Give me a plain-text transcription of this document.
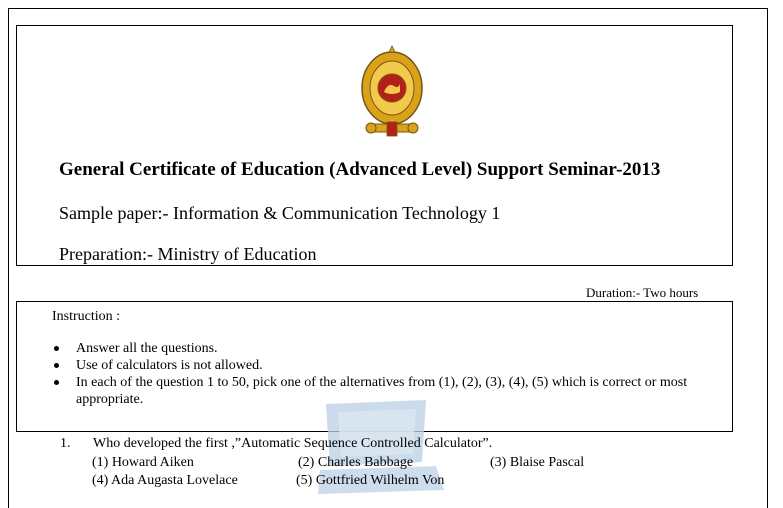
General Certificate of Education (Advanced Level) Support Seminar-2013
Sample paper:- Information & Communication Technology 1
Preparation:- Ministry of Education
Duration:- Two hours
Instruction :
Answer all the questions.
Use of calculators is not allowed.
In each of the question 1 to 50, pick one of the alternatives from (1), (2), (3), (4), (5) which is correct or most appropriate.
1. Who developed the first ,”Automatic Sequence Controlled Calculator”.
(1) Howard Aiken	(2) Charles Babbage	(3) Blaise Pascal
(4) Ada Augasta Lovelace	(5) Gottfried Wilhelm Von
